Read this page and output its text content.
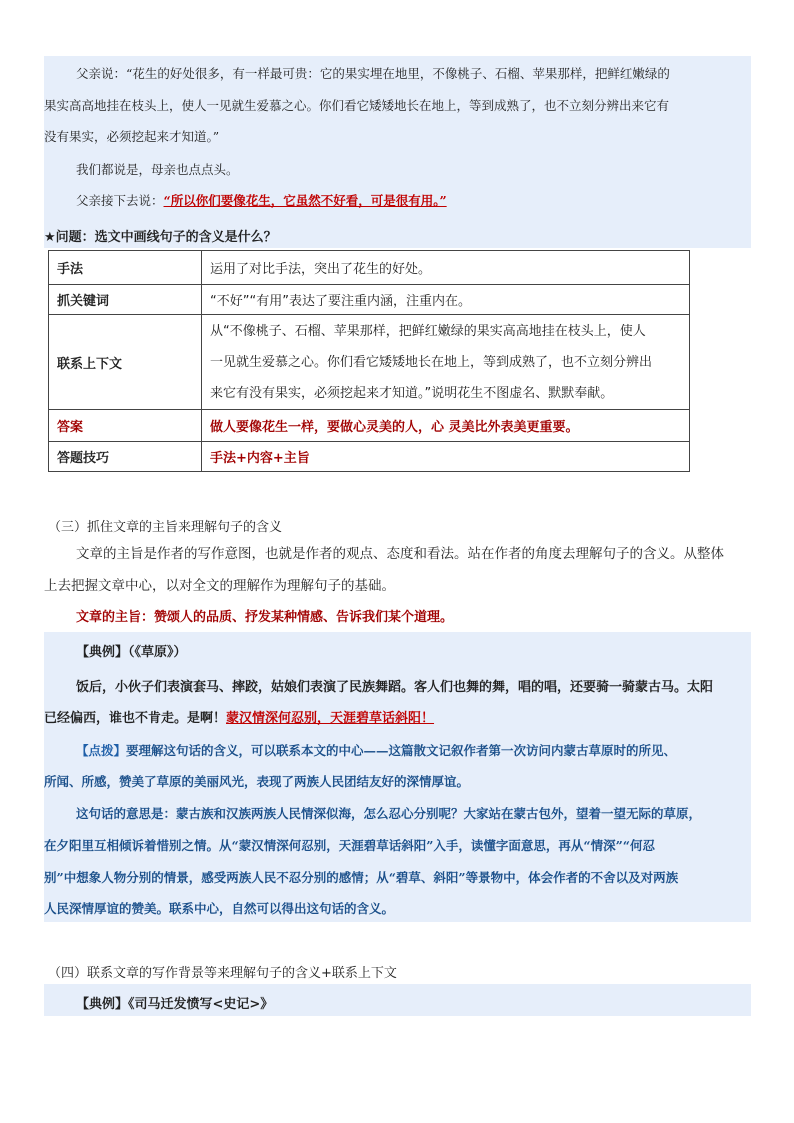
父亲说：“花生的好处很多，有一样最可贵：它的果实埋在地里，不像桃子、石榴、苹果那样，把鲜红嫩绿的
果实高高地挂在枝头上，使人一见就生爱慕之心。你们看它矮矮地长在地上，等到成熟了，也不立刻分辨出来它有
没有果实，必须挖起来才知道。”
我们都说是，母亲也点点头。
父亲接下去说：“所以你们要像花生，它虽然不好看，可是很有用。”
★问题：选文中画线句子的含义是什么？
手法	运用了对比手法，突出了花生的好处。
抓关键词	“不好”“有用”表达了要注重内涵，注重内在。
联系上下文	从“不像桃子、石榴、苹果那样，把鲜红嫩绿的果实高高地挂在枝头上，使人
一见就生爱慕之心。你们看它矮矮地长在地上，等到成熟了，也不立刻分辨出
来它有没有果实，必须挖起来才知道。”说明花生不图虚名、默默奉献。

答案	做人要像花生一样，要做心灵美的人，心 灵美比外表美更重要。
答题技巧	手法+内容+主旨
（三）抓住文章的主旨来理解句子的含义
文章的主旨是作者的写作意图，也就是作者的观点、态度和看法。站在作者的角度去理解句子的含义。从整体
上去把握文章中心，以对全文的理解作为理解句子的基础。
文章的主旨：赞颂人的品质、抒发某种情感、告诉我们某个道理。
【典例】（《草原》）
饭后，小伙子们表演套马、摔跤，姑娘们表演了民族舞蹈。客人们也舞的舞，唱的唱，还要骑一骑蒙古马。太阳
已经偏西，谁也不肯走。是啊！蒙汉情深何忍别，天涯碧草话斜阳！
【点拨】要理解这句话的含义，可以联系本文的中心——这篇散文记叙作者第一次访问内蒙古草原时的所见、
所闻、所感，赞美了草原的美丽风光，表现了两族人民团结友好的深情厚谊。
这句话的意思是：蒙古族和汉族两族人民情深似海，怎么忍心分别呢？大家站在蒙古包外，望着一望无际的草原，
在夕阳里互相倾诉着惜别之情。从“蒙汉情深何忍别，天涯碧草话斜阳”入手，读懂字面意思，再从“情深”“何忍
别”中想象人物分别的情景，感受两族人民不忍分别的感情；从“碧草、斜阳”等景物中，体会作者的不舍以及对两族
人民深情厚谊的赞美。联系中心，自然可以得出这句话的含义。
（四）联系文章的写作背景等来理解句子的含义+联系上下文
【典例】《司马迁发愤写<史记>》
